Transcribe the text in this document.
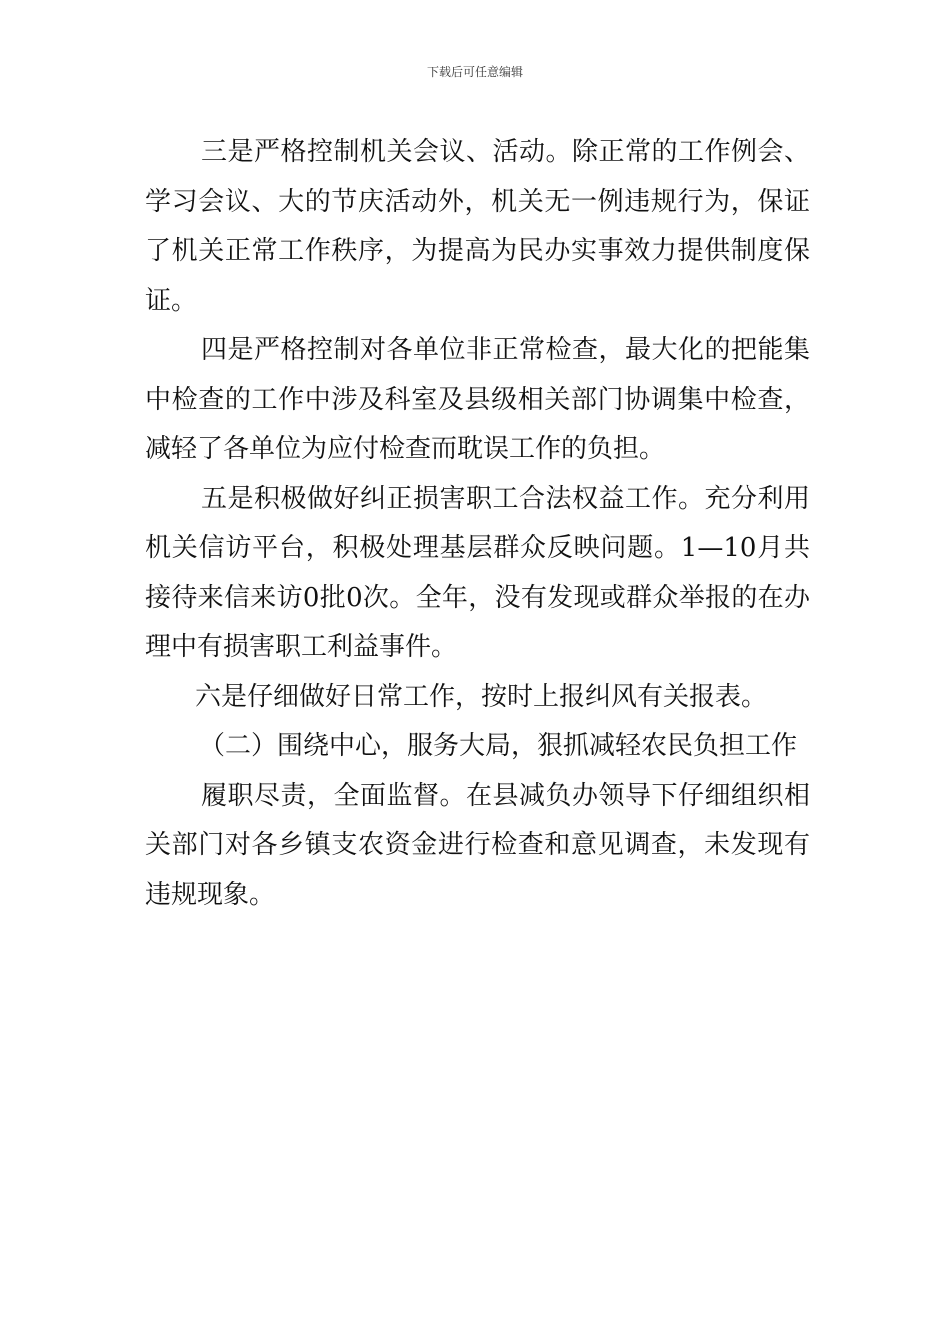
下载后可任意编辑

三是严格控制机关会议、活动。除正常的工作例会、学习会议、大的节庆活动外，机关无一例违规行为，保证了机关正常工作秩序，为提高为民办实事效力提供制度保证。

四是严格控制对各单位非正常检查，最大化的把能集中检查的工作中涉及科室及县级相关部门协调集中检查，减轻了各单位为应付检查而耽误工作的负担。

五是积极做好纠正损害职工合法权益工作。充分利用机关信访平台，积极处理基层群众反映问题。1—10月共接待来信来访0批0次。全年，没有发现或群众举报的在办理中有损害职工利益事件。

六是仔细做好日常工作，按时上报纠风有关报表。

（二）围绕中心，服务大局，狠抓减轻农民负担工作

履职尽责，全面监督。在县减负办领导下仔细组织相关部门对各乡镇支农资金进行检查和意见调查，未发现有违规现象。
